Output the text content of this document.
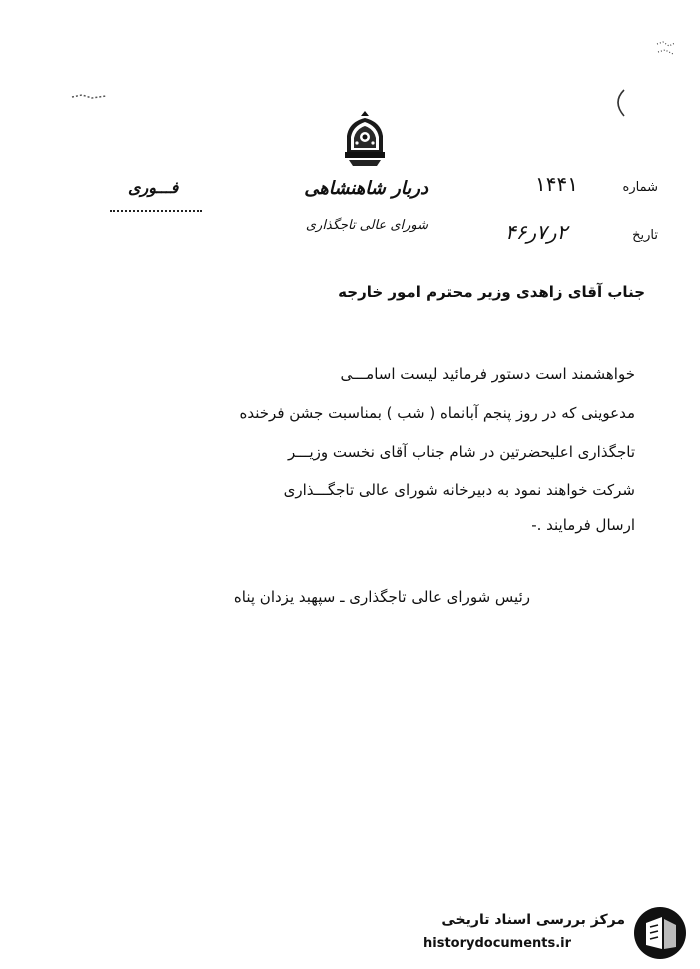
دربار شاهنشاهی
شورای عالی تاجگذاری
فـــوری	شماره
۱۴۴۱
تاریخ
۲ر۷ر۴۶
جناب آقای زاهدی وزیر محترم امور خارجه
خواهشمند است دستور فرمائید لیست اسامـــی
مدعوینی که در روز پنجم آبانماه ( شب ) بمناسبت جشن فرخنده
تاجگذاری اعلیحضرتین در شام جناب آقای نخست وزیـــر
شرکت خواهند نمود به دبیرخانه شورای عالی تاجگـــذاری
ارسال فرمایند .-
رئیس شورای عالی تاجگذاری ـ سپهبد یزدان پناه
مرکز بررسی اسناد تاریخی
historydocuments.ir
